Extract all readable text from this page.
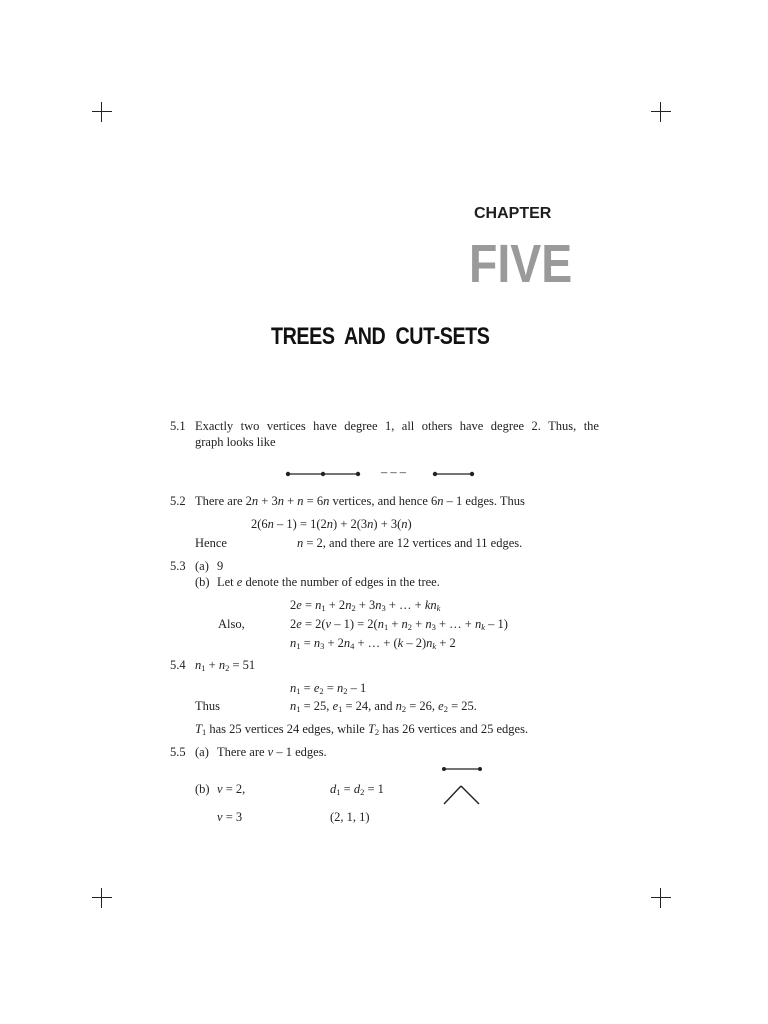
CHAPTER
FIVE
TREES  AND  CUT-SETS
5.1 Exactly two vertices have degree 1, all others have degree 2. Thus, the
graph looks like
– – –
5.2 There are 2n + 3n + n = 6n vertices, and hence 6n – 1 edges. Thus
2(6n – 1) = 1(2n) + 2(3n) + 3(n)
Hence	n = 2, and there are 12 vertices and 11 edges.
5.3 (a) 9
(b) Let e denote the number of edges in the tree.
$2e = n_1 + 2n_2 + 3n_3$ + … + $kn_k$
Also,	$2e = 2(v - 1) = 2(n_1 + n_2 + n_3$ + … + $n_k - 1$)
$n_1 = n_3 + 2n_4$ + … + $(k - 2)n_k + 2$
5.4 $n_1 + n_2 = 51$
$n_1 = e_2 = n_2 - 1$
Thus	$n_1 = 25$, $e_1 = 24$, and $n_2 = 26$, $e_2 = 25$.
$T_1$ has 25 vertices 24 edges, while $T_2$ has 26 vertices and 25 edges.
5.5 (a) There are v – 1 edges.
(b) v = 2,	$d_1 = d_2 = 1$
v = 3	(2, 1, 1)
